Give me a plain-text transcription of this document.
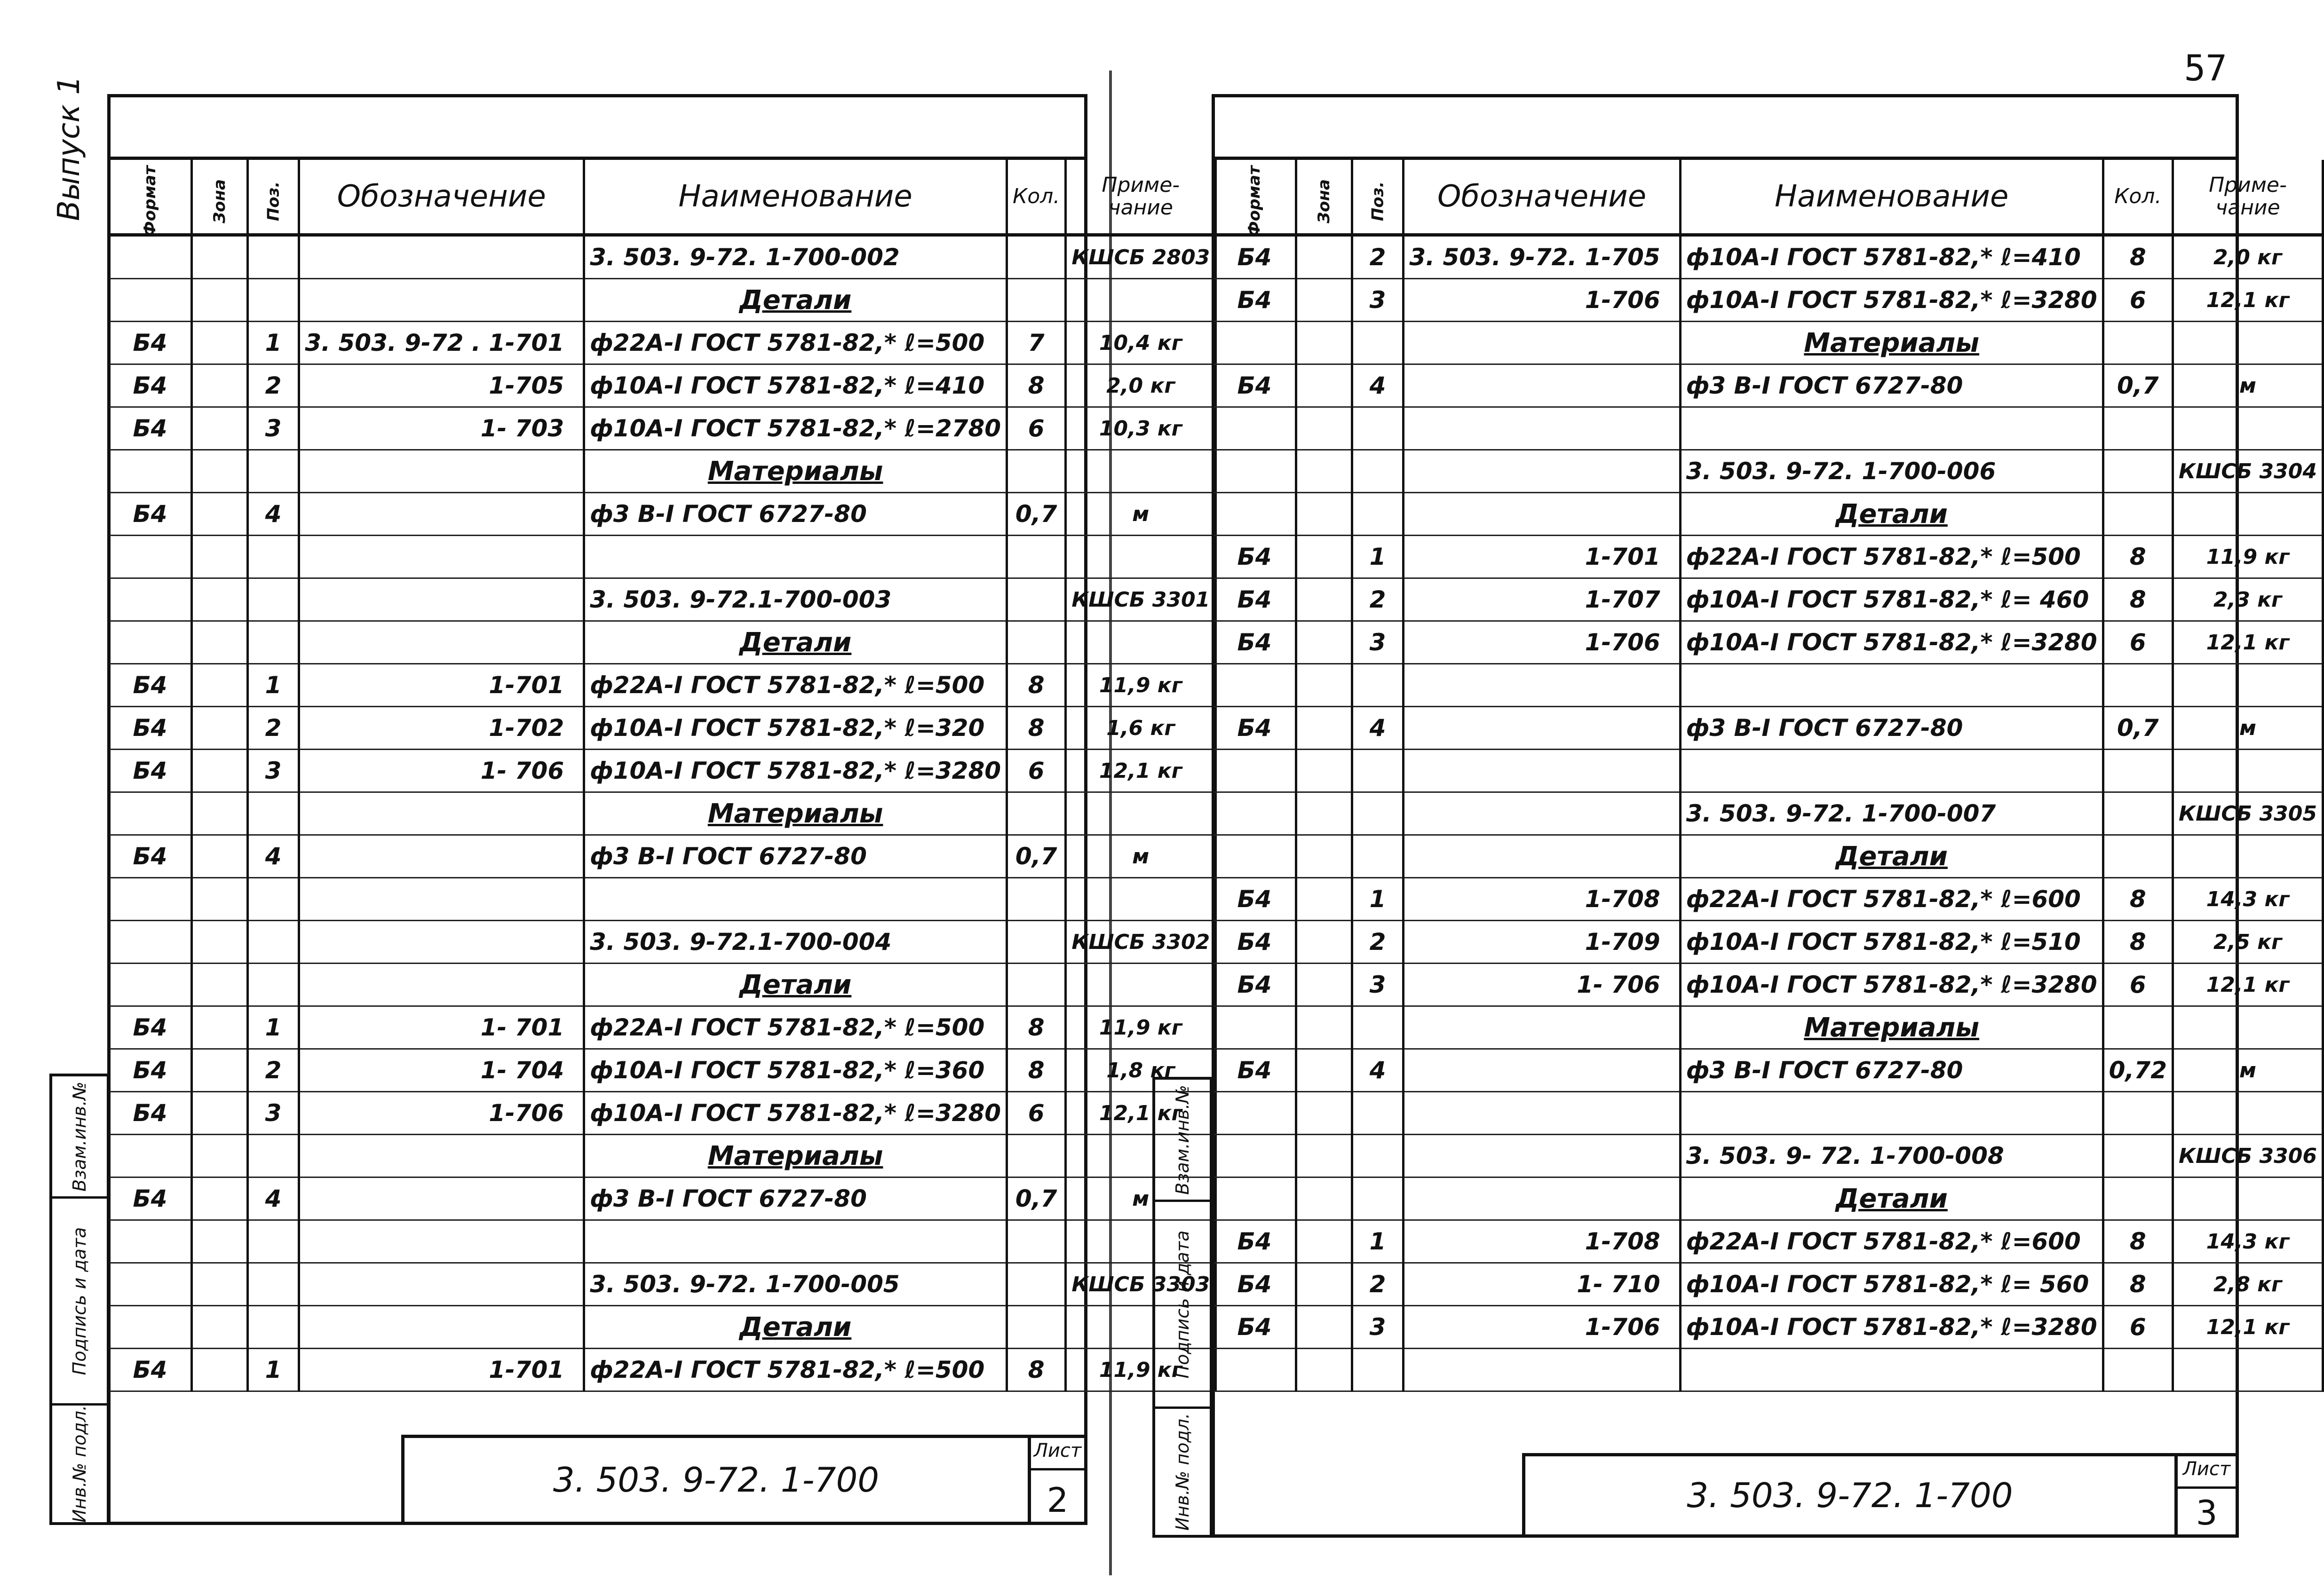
57
Выпуск 1	Формат	Зона	Поз.	Обозначение	Наименование	Кол.	Приме-чание
				3. 503. 9-72. 1-700-002		КШСБ 2803
				Детали		
Б4		1	3. 503. 9-72 . 1-701	ф22А-I ГОСТ 5781-82,* ℓ=500	7	10,4 кг
Б4		2	1-705	ф10А-I ГОСТ 5781-82,* ℓ=410	8	2,0 кг
Б4		3	1- 703	ф10А-I ГОСТ 5781-82,* ℓ=2780	6	10,3 кг
				Материалы		
Б4		4		ф3 В-I ГОСТ 6727-80	0,7	м

				3. 503. 9-72.1-700-003		КШСБ 3301
				Детали		
Б4		1	1-701	ф22А-I ГОСТ 5781-82,* ℓ=500	8	11,9 кг
Б4		2	1-702	ф10А-I ГОСТ 5781-82,* ℓ=320	8	1,6 кг
Б4		3	1- 706	ф10А-I ГОСТ 5781-82,* ℓ=3280	6	12,1 кг
				Материалы		
Б4		4		ф3 В-I ГОСТ 6727-80	0,7	м

				3. 503. 9-72.1-700-004		КШСБ 3302
				Детали		
Б4		1	1- 701	ф22А-I ГОСТ 5781-82,* ℓ=500	8	11,9 кг
Б4		2	1- 704	ф10А-I ГОСТ 5781-82,* ℓ=360	8	1,8 кг
Б4		3	1-706	ф10А-I ГОСТ 5781-82,* ℓ=3280	6	12,1 кг
				Материалы		
Б4		4		ф3 В-I ГОСТ 6727-80	0,7	м

				3. 503. 9-72. 1-700-005		КШСБ 3303
				Детали		
Б4		1	1-701	ф22А-I ГОСТ 5781-82,* ℓ=500	8	11,9 кг
3. 503. 9-72. 1-700
Лист
2
Взам.инв.№
Подпись и дата
Инв.№ подл.
Формат	Зона	Поз.	Обозначение	Наименование	Кол.	Приме-чание
Б4		2	3. 503. 9-72. 1-705	ф10А-I ГОСТ 5781-82,* ℓ=410	8	2,0 кг
Б4		3	1-706	ф10А-I ГОСТ 5781-82,* ℓ=3280	6	12,1 кг
				Материалы		
Б4		4		ф3 В-I ГОСТ 6727-80	0,7	м

				3. 503. 9-72. 1-700-006		КШСБ 3304
				Детали		
Б4		1	1-701	ф22А-I ГОСТ 5781-82,* ℓ=500	8	11,9 кг
Б4		2	1-707	ф10А-I ГОСТ 5781-82,* ℓ= 460	8	2,3 кг
Б4		3	1-706	ф10А-I ГОСТ 5781-82,* ℓ=3280	6	12,1 кг

Б4		4		ф3 В-I ГОСТ 6727-80	0,7	м

				3. 503. 9-72. 1-700-007		КШСБ 3305
				Детали		
Б4		1	1-708	ф22А-I ГОСТ 5781-82,* ℓ=600	8	14,3 кг
Б4		2	1-709	ф10А-I ГОСТ 5781-82,* ℓ=510	8	2,5 кг
Б4		3	1- 706	ф10А-I ГОСТ 5781-82,* ℓ=3280	6	12,1 кг
				Материалы		
Б4		4		ф3 В-I ГОСТ 6727-80	0,72	м

				3. 503. 9- 72. 1-700-008		КШСБ 3306
				Детали		
Б4		1	1-708	ф22А-I ГОСТ 5781-82,* ℓ=600	8	14,3 кг
Б4		2	1- 710	ф10А-I ГОСТ 5781-82,* ℓ= 560	8	2,8 кг
Б4		3	1-706	ф10А-I ГОСТ 5781-82,* ℓ=3280	6	12,1 кг

3. 503. 9-72. 1-700
Лист
3
Взам.инв.№
Подпись и дата
Инв.№ подл.
